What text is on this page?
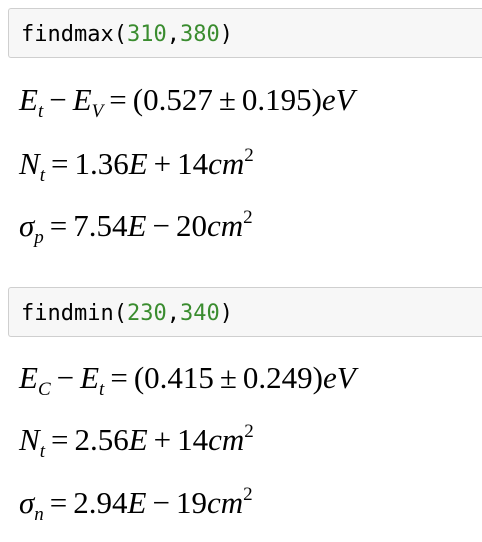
findmax(310,380)
$E_t - E_V = (0.527 \pm 0.195)eV$
$N_t = 1.36E + 14cm^2$
$\sigma_p = 7.54E - 20cm^2$
findmin(230,340)
$E_C - E_t = (0.415 \pm 0.249)eV$
$N_t = 2.56E + 14cm^2$
$\sigma_n = 2.94E - 19cm^2$
